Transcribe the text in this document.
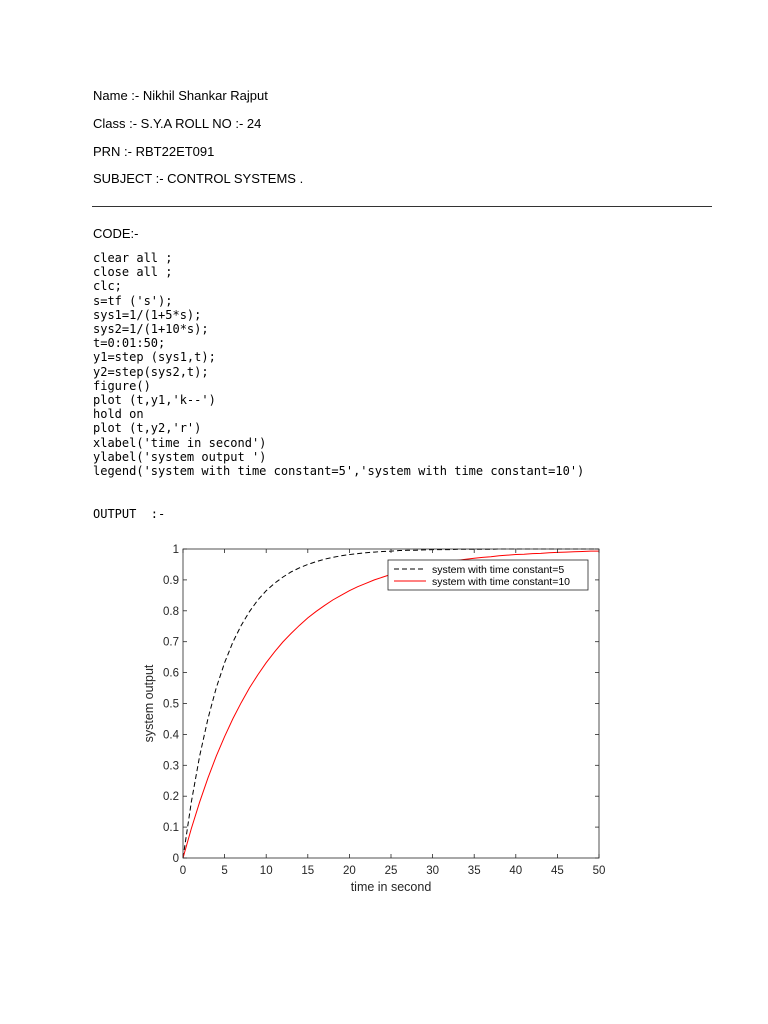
Name :- Nikhil Shankar Rajput
Class :- S.Y.A ROLL NO :- 24
PRN :- RBT22ET091
SUBJECT :- CONTROL SYSTEMS .
CODE:-
clear all ;
close all ;
clc;
s=tf ('s');
sys1=1/(1+5*s);
sys2=1/(1+10*s);
t=0:01:50;
y1=step (sys1,t);
y2=step(sys2,t);
figure()
plot (t,y1,'k--')
hold on
plot (t,y2,'r')
xlabel('time in second')
ylabel('system output ')
legend('system with time constant=5','system with time constant=10')
OUTPUT  :-
0	5	10	15	20	25	30	35	40	45	50
0
0.1
0.2
0.3
0.4
0.5
0.6
0.7
0.8
0.9
1
time in second
system output
system with time constant=5
system with time constant=10
